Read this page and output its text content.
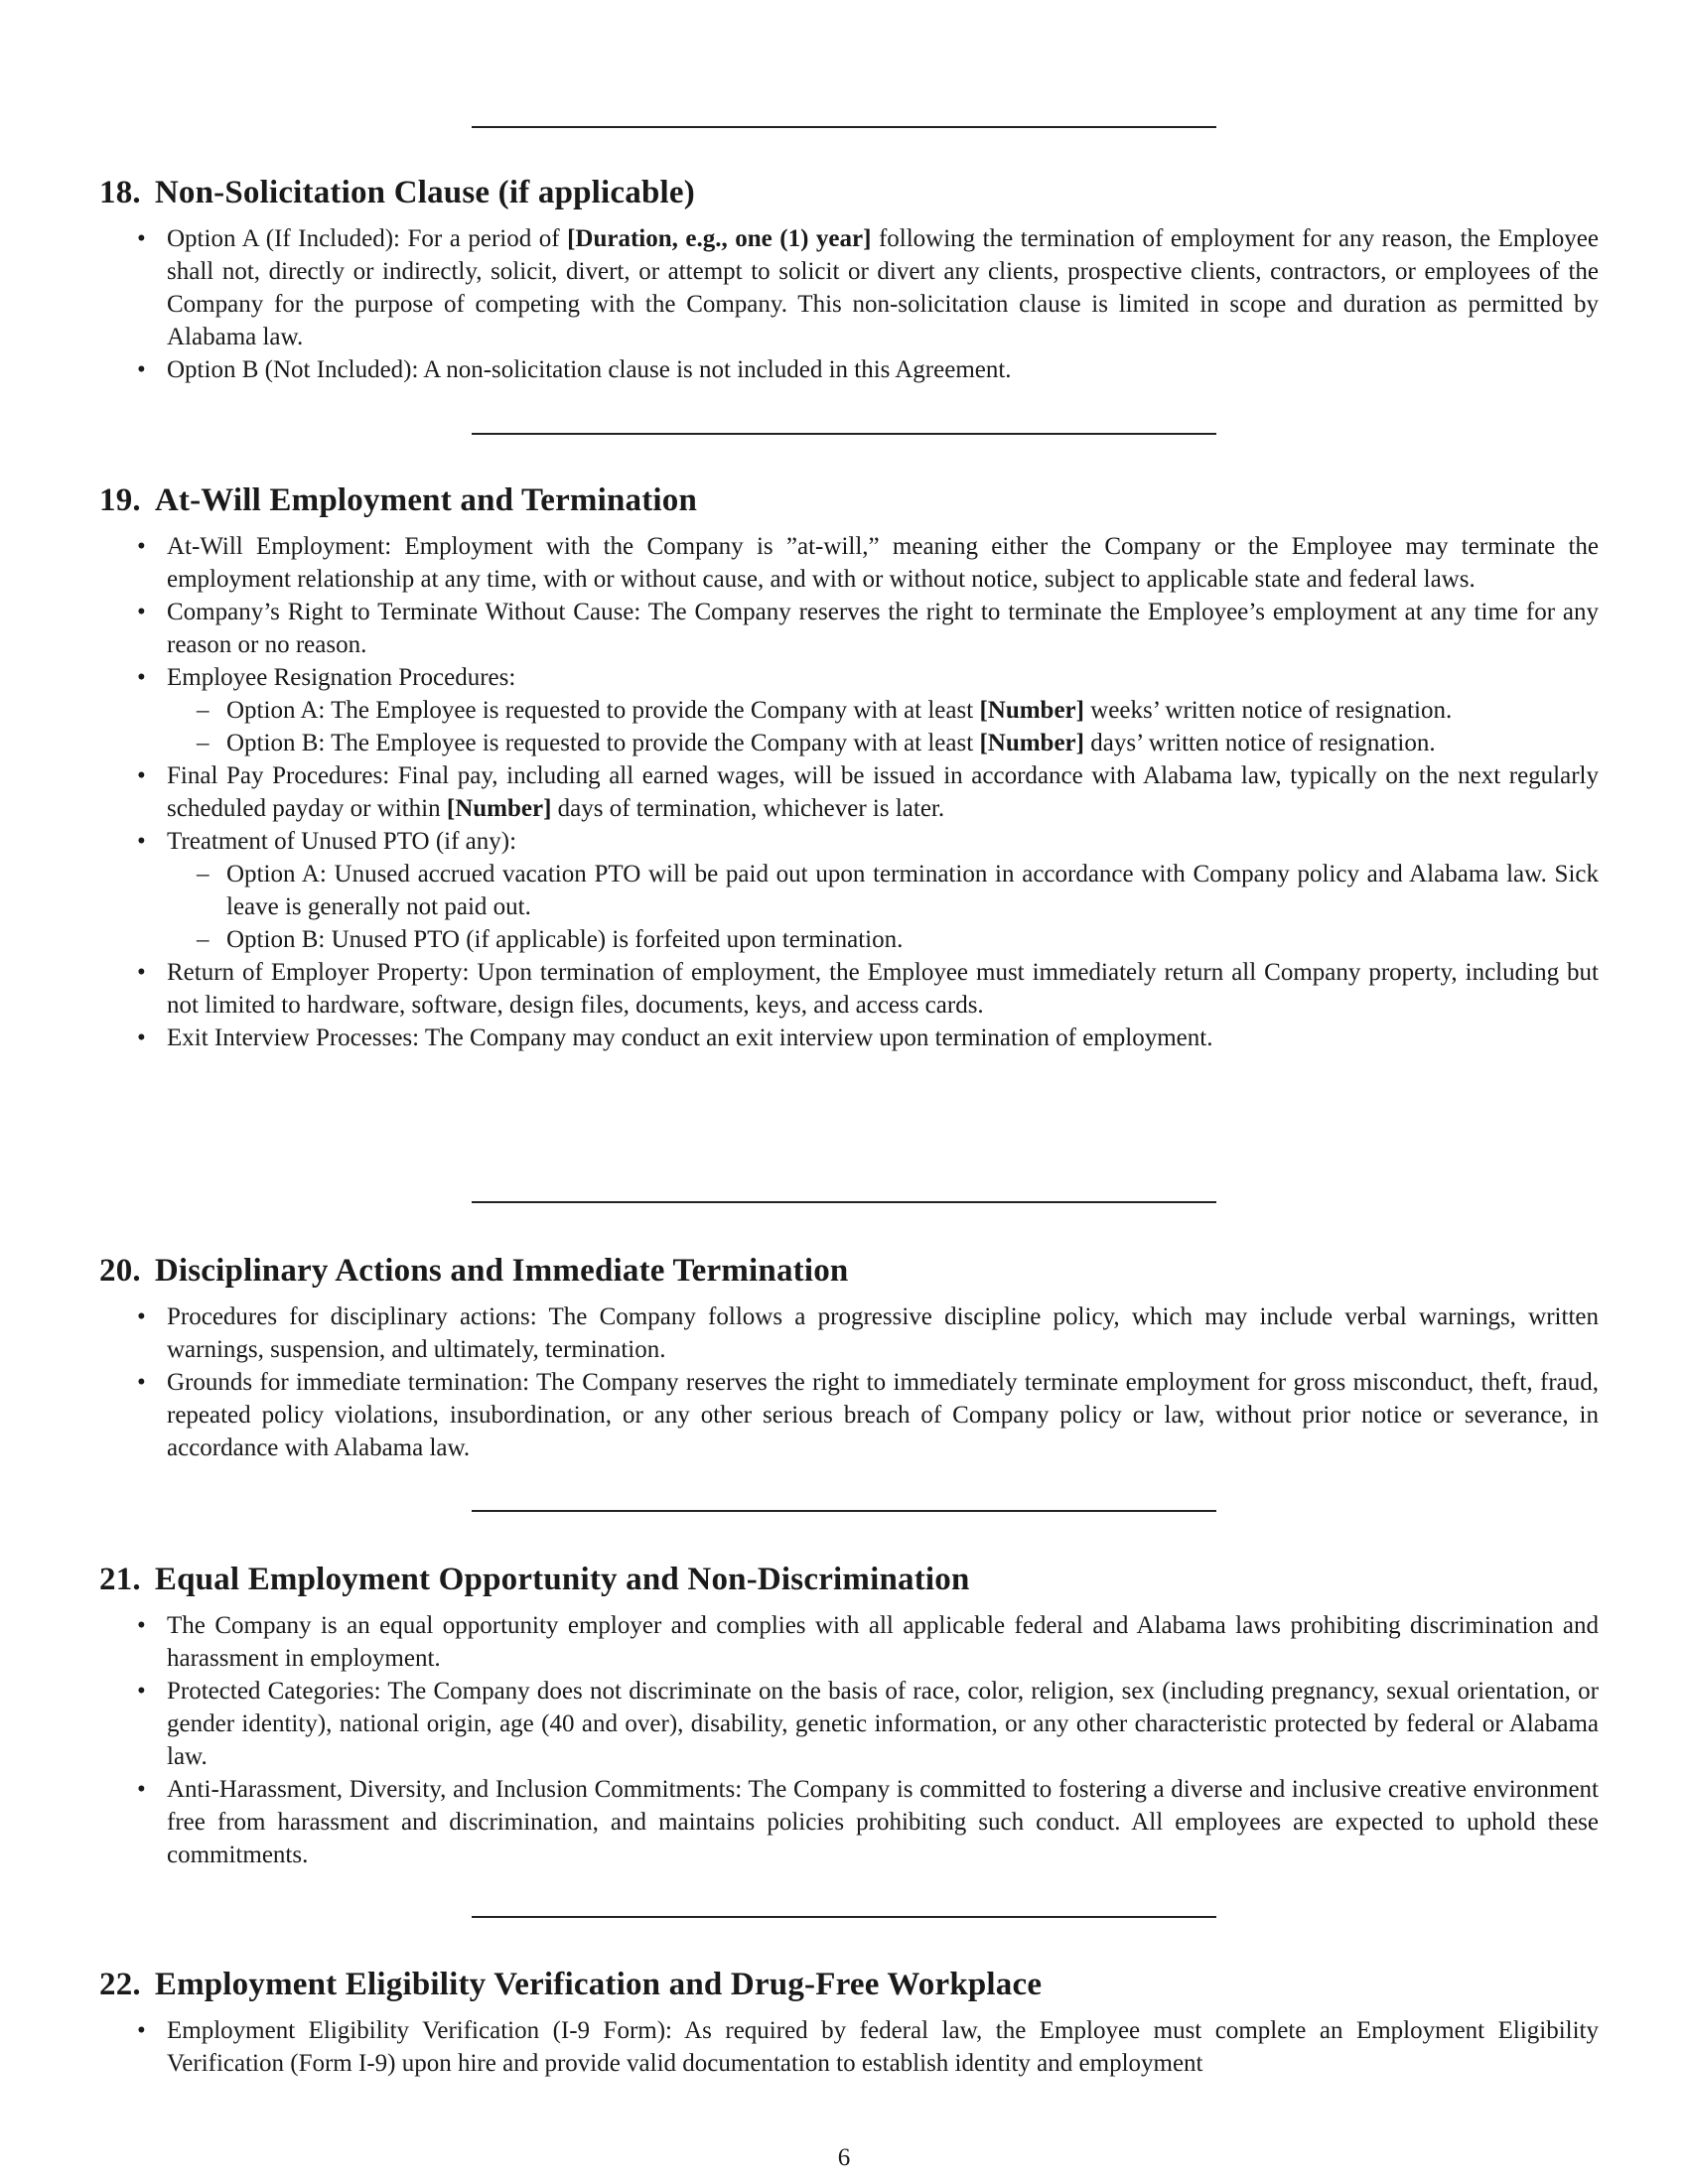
18. Non-Solicitation Clause (if applicable)
• Option A (If Included): For a period of [Duration, e.g., one (1) year] following the termination of employment for any reason, the Employee shall not, directly or indirectly, solicit, divert, or attempt to solicit or divert any clients, prospective clients, contractors, or employees of the Company for the purpose of competing with the Company. This non-solicitation clause is limited in scope and duration as permitted by Alabama law.
• Option B (Not Included): A non-solicitation clause is not included in this Agreement.
19. At-Will Employment and Termination
• At-Will Employment: Employment with the Company is ”at-will,” meaning either the Company or the Employee may terminate the employment relationship at any time, with or without cause, and with or without notice, subject to applicable state and federal laws.
• Company’s Right to Terminate Without Cause: The Company reserves the right to terminate the Employee’s employment at any time for any reason or no reason.
• Employee Resignation Procedures:
– Option A: The Employee is requested to provide the Company with at least [Number] weeks’ written notice of resignation.
– Option B: The Employee is requested to provide the Company with at least [Number] days’ written notice of resignation.
• Final Pay Procedures: Final pay, including all earned wages, will be issued in accordance with Alabama law, typically on the next regularly scheduled payday or within [Number] days of termination, whichever is later.
• Treatment of Unused PTO (if any):
– Option A: Unused accrued vacation PTO will be paid out upon termination in accordance with Company policy and Alabama law. Sick leave is generally not paid out.
– Option B: Unused PTO (if applicable) is forfeited upon termination.
• Return of Employer Property: Upon termination of employment, the Employee must immediately return all Company property, including but not limited to hardware, software, design files, documents, keys, and access cards.
• Exit Interview Processes: The Company may conduct an exit interview upon termination of employment.
20. Disciplinary Actions and Immediate Termination
• Procedures for disciplinary actions: The Company follows a progressive discipline policy, which may include verbal warnings, written warnings, suspension, and ultimately, termination.
• Grounds for immediate termination: The Company reserves the right to immediately terminate employment for gross misconduct, theft, fraud, repeated policy violations, insubordination, or any other serious breach of Company policy or law, without prior notice or severance, in accordance with Alabama law.
21. Equal Employment Opportunity and Non-Discrimination
• The Company is an equal opportunity employer and complies with all applicable federal and Alabama laws prohibiting discrimination and harassment in employment.
• Protected Categories: The Company does not discriminate on the basis of race, color, religion, sex (including pregnancy, sexual orientation, or gender identity), national origin, age (40 and over), disability, genetic information, or any other characteristic protected by federal or Alabama law.
• Anti-Harassment, Diversity, and Inclusion Commitments: The Company is committed to fostering a diverse and inclusive creative environment free from harassment and discrimination, and maintains policies prohibiting such conduct. All employees are expected to uphold these commitments.
22. Employment Eligibility Verification and Drug-Free Workplace
• Employment Eligibility Verification (I-9 Form): As required by federal law, the Employee must complete an Employment Eligibility Verification (Form I-9) upon hire and provide valid documentation to establish identity and employment
6
